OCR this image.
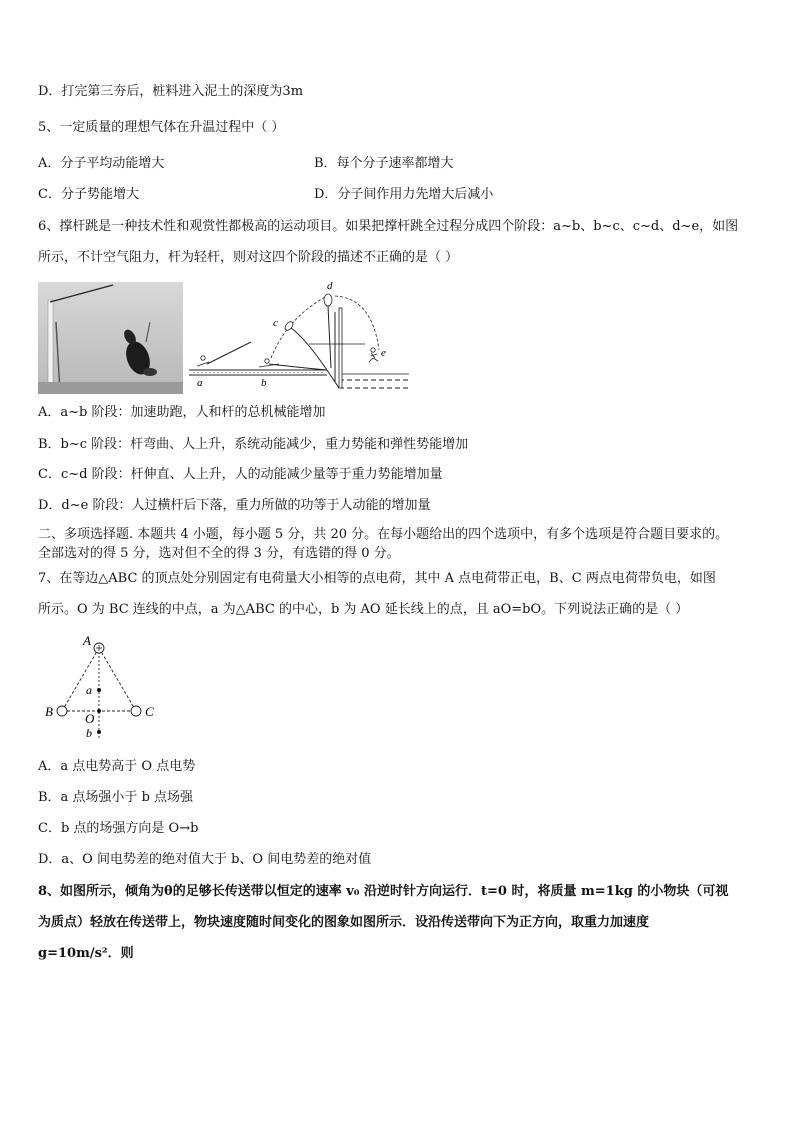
D．打完第三夯后，桩料进入泥土的深度为3m
5、一定质量的理想气体在升温过程中（ ）
A．分子平均动能增大	B．每个分子速率都增大
C．分子势能增大	D．分子间作用力先增大后减小
6、撑杆跳是一种技术性和观赏性都极高的运动项目。如果把撑杆跳全过程分成四个阶段：a~b、b~c、c~d、d~e，如图
所示，不计空气阻力，杆为轻杆，则对这四个阶段的描述不正确的是（ ）
a	b
c
d
e
A．a~b 阶段：加速助跑，人和杆的总机械能增加
B．b~c 阶段：杆弯曲、人上升，系统动能减少，重力势能和弹性势能增加
C．c~d 阶段：杆伸直、人上升，人的动能减少量等于重力势能增加量
D．d~e 阶段：人过横杆后下落，重力所做的功等于人动能的增加量
二、多项选择题. 本题共 4 小题，每小题 5 分，共 20 分。在每小题给出的四个选项中，有多个选项是符合题目要求的。
全部选对的得 5 分，选对但不全的得 3 分，有选错的得 0 分。
7、在等边△ABC 的顶点处分别固定有电荷量大小相等的点电荷，其中 A 点电荷带正电，B、C 两点电荷带负电，如图
所示。O 为 BC 连线的中点，a 为△ABC 的中心，b 为 AO 延长线上的点，且 aO=bO。下列说法正确的是（ ）
A
B	C
a
O
b
A．a 点电势高于 O 点电势
B．a 点场强小于 b 点场强
C．b 点的场强方向是 O→b
D．a、O 间电势差的绝对值大于 b、O 间电势差的绝对值
8、如图所示，倾角为θ的足够长传送带以恒定的速率 v₀ 沿逆时针方向运行．t=0 时，将质量 m=1kg 的小物块（可视
为质点）轻放在传送带上，物块速度随时间变化的图象如图所示．设沿传送带向下为正方向，取重力加速度
g=10m/s²．则
